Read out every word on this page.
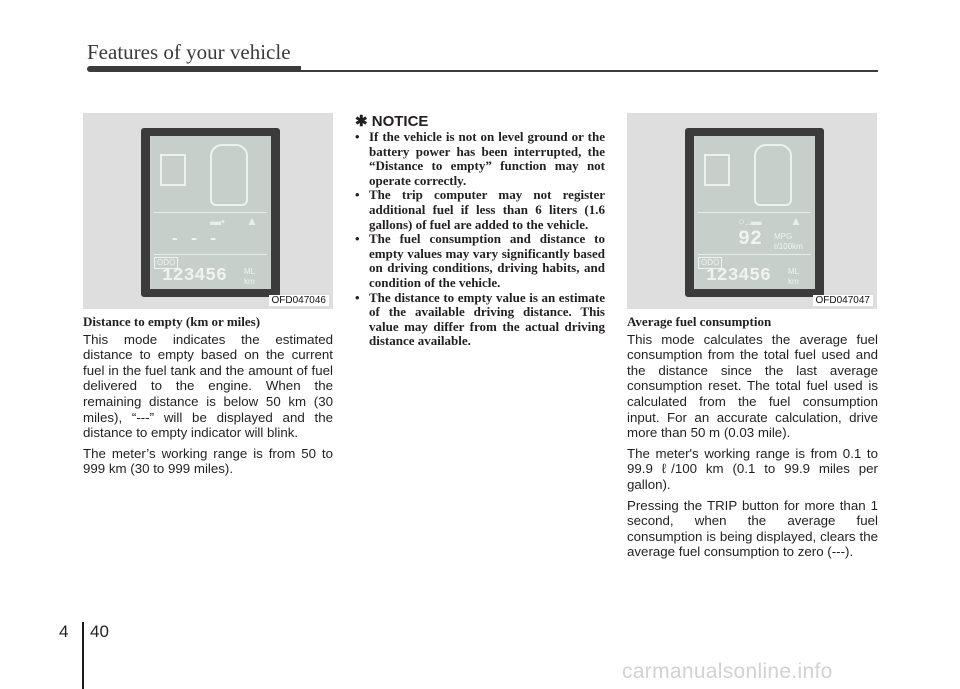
Features of your vehicle
▬• ▲
- - -
ODO
123456 ML
km
OFD047046

Distance to empty (km or miles)

This mode indicates the estimated distance to empty based on the current fuel in the fuel tank and the amount of fuel delivered to the engine. When the remaining distance is below 50 km (30 miles), “---” will be displayed and the distance to empty indicator will blink.

The meter’s working range is from 50 to 999 km (30 to 999 miles).

✱ NOTICE
• If the vehicle is not on level ground or the battery power has been interrupted, the “Distance to empty” function may not operate correctly.
• The trip computer may not register additional fuel if less than 6 liters (1.6 gallons) of fuel are added to the vehicle.
• The fuel consumption and distance to empty values may vary significantly based on driving conditions, driving habits, and condition of the vehicle.
• The distance to empty value is an estimate of the available driving distance. This value may differ from the actual driving distance available.
○..▬ ▲
92 MPG
ℓ/100km
ODO
123456 ML
km
OFD047047

Average fuel consumption

This mode calculates the average fuel consumption from the total fuel used and the distance since the last average consumption reset. The total fuel used is calculated from the fuel consumption input. For an accurate calculation, drive more than 50 m (0.03 mile).

The meter's working range is from 0.1 to 99.9 ℓ/100 km (0.1 to 99.9 miles per gallon).

Pressing the TRIP button for more than 1 second, when the average fuel consumption is being displayed, clears the average fuel consumption to zero (---).

4 40
carmanualsonline.info
